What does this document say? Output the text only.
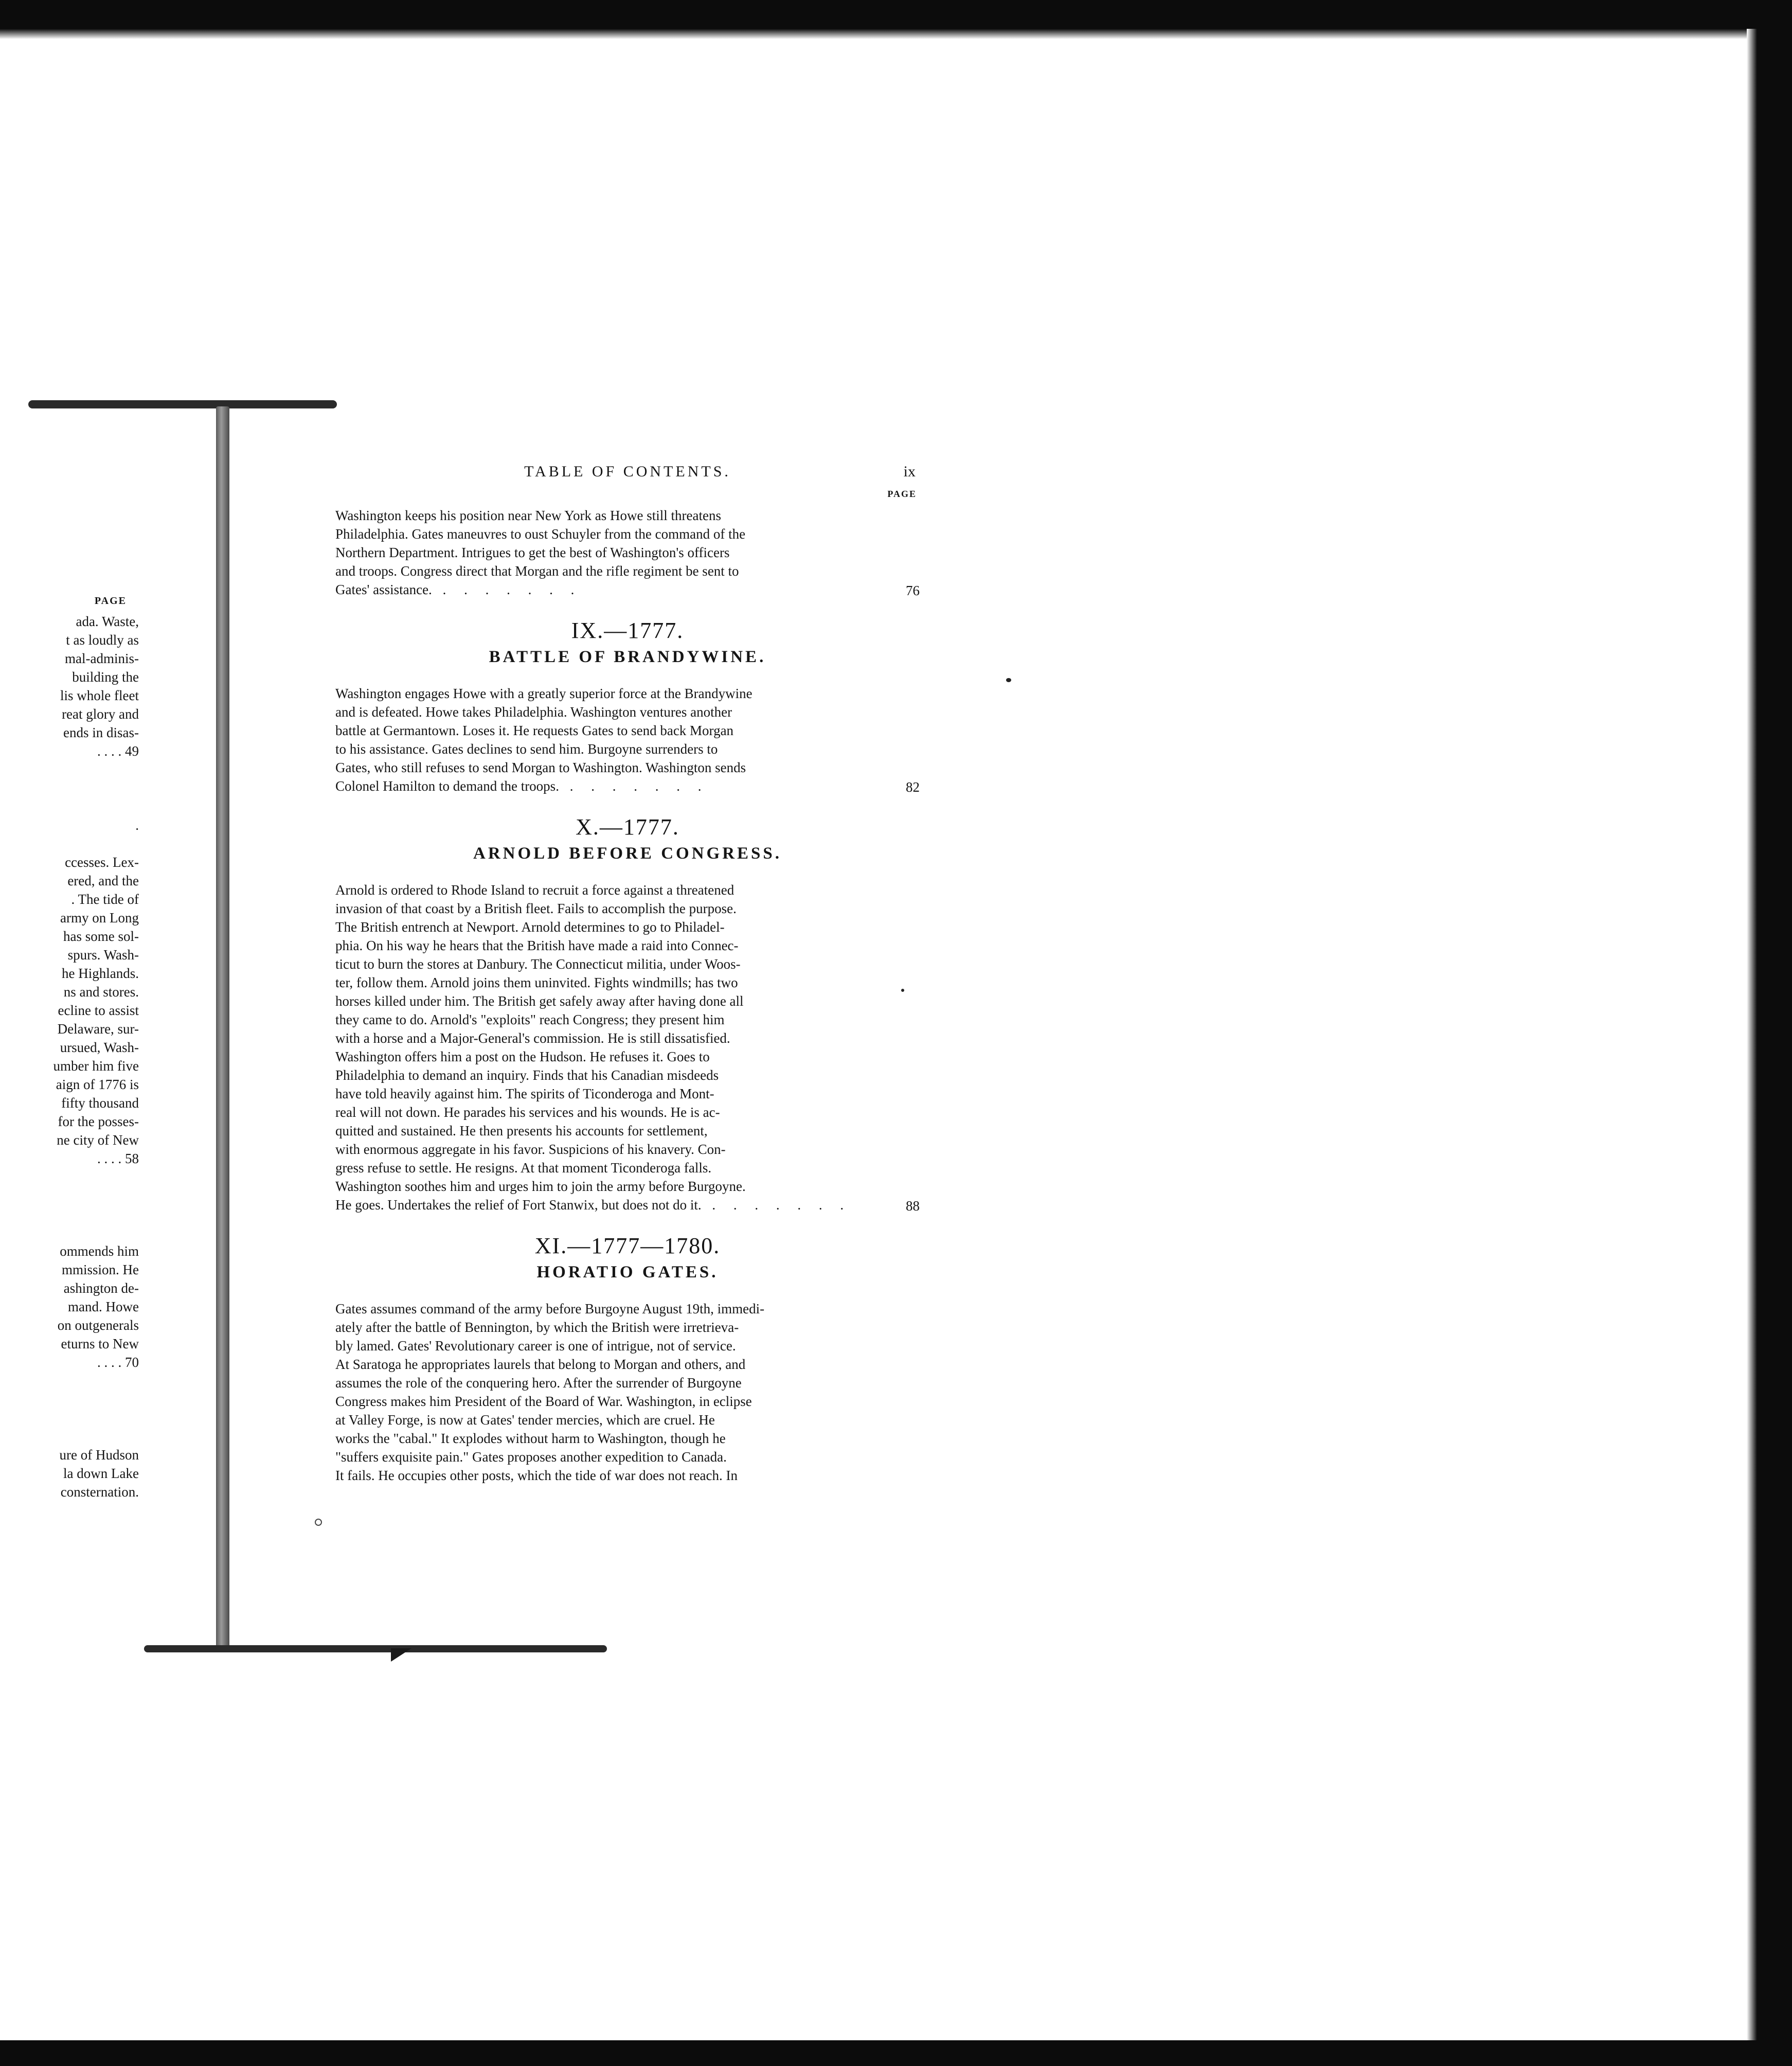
PAGE
ada. Waste,
t as loudly as
mal-adminis-
building the
lis whole fleet
reat glory and
ends in disas-
. . . . 49
.
ccesses. Lex-
ered, and the
. The tide of
army on Long
has some sol-
spurs. Wash-
he Highlands.
ns and stores.
ecline to assist
Delaware, sur-
ursued, Wash-
umber him five
aign of 1776 is
fifty thousand
for the posses-
ne city of New
. . . . 58
ommends him
mmission. He
ashington de-
mand. Howe
on outgenerals
eturns to New
. . . . 70
ure of Hudson
la down Lake
consternation.
TABLE OF CONTENTS.	ix
PAGE

Washington keeps his position near New York as Howe still threatens

Philadelphia. Gates maneuvres to oust Schuyler from the command of the

Northern Department. Intrigues to get the best of Washington's officers

and troops. Congress direct that Morgan and the rifle regiment be sent to

Gates' assistance. . . . . . . .	76
IX.—1777.
BATTLE OF BRANDYWINE.

Washington engages Howe with a greatly superior force at the Brandywine

and is defeated. Howe takes Philadelphia. Washington ventures another

battle at Germantown. Loses it. He requests Gates to send back Morgan

to his assistance. Gates declines to send him. Burgoyne surrenders to

Gates, who still refuses to send Morgan to Washington. Washington sends

Colonel Hamilton to demand the troops. . . . . . . .	82
X.—1777.
ARNOLD BEFORE CONGRESS.

Arnold is ordered to Rhode Island to recruit a force against a threatened

invasion of that coast by a British fleet. Fails to accomplish the purpose.

The British entrench at Newport. Arnold determines to go to Philadel-

phia. On his way he hears that the British have made a raid into Connec-

ticut to burn the stores at Danbury. The Connecticut militia, under Woos-

ter, follow them. Arnold joins them uninvited. Fights windmills; has two

horses killed under him. The British get safely away after having done all

they came to do. Arnold's "exploits" reach Congress; they present him

with a horse and a Major-General's commission. He is still dissatisfied.

Washington offers him a post on the Hudson. He refuses it. Goes to

Philadelphia to demand an inquiry. Finds that his Canadian misdeeds

have told heavily against him. The spirits of Ticonderoga and Mont-

real will not down. He parades his services and his wounds. He is ac-

quitted and sustained. He then presents his accounts for settlement,

with enormous aggregate in his favor. Suspicions of his knavery. Con-

gress refuse to settle. He resigns. At that moment Ticonderoga falls.

Washington soothes him and urges him to join the army before Burgoyne.

He goes. Undertakes the relief of Fort Stanwix, but does not do it. . . . . . . .	88
XI.—1777—1780.
HORATIO GATES.

Gates assumes command of the army before Burgoyne August 19th, immedi-

ately after the battle of Bennington, by which the British were irretrieva-

bly lamed. Gates' Revolutionary career is one of intrigue, not of service.

At Saratoga he appropriates laurels that belong to Morgan and others, and

assumes the role of the conquering hero. After the surrender of Burgoyne

Congress makes him President of the Board of War. Washington, in eclipse

at Valley Forge, is now at Gates' tender mercies, which are cruel. He

works the "cabal." It explodes without harm to Washington, though he

"suffers exquisite pain." Gates proposes another expedition to Canada.

It fails. He occupies other posts, which the tide of war does not reach. In
